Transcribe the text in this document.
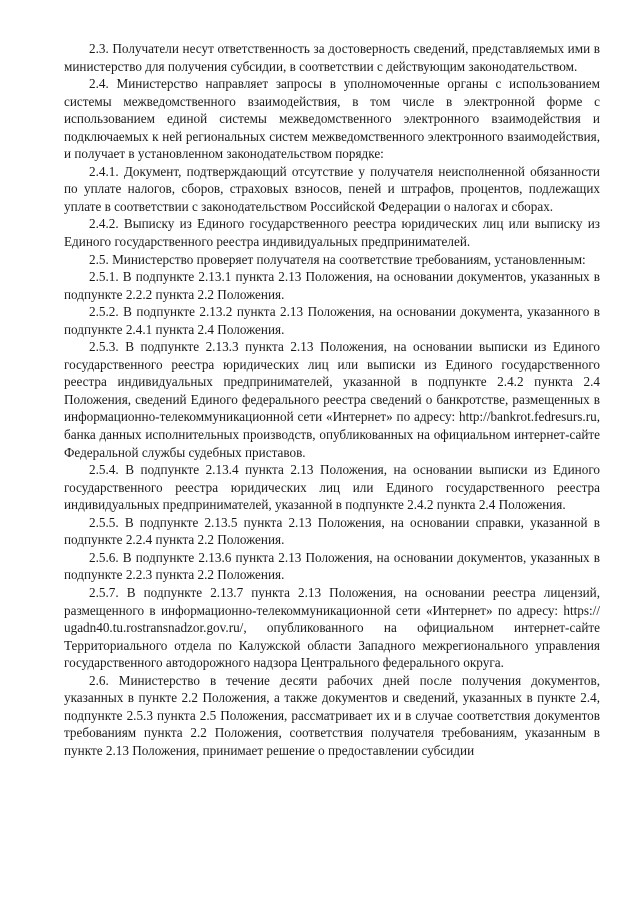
2.3. Получатели несут ответственность за достоверность сведений, представляемых ими в министерство для получения субсидии, в соответствии с действующим законодательством.

2.4. Министерство направляет запросы в уполномоченные органы с использованием системы межведомственного взаимодействия, в том числе в электронной форме с использованием единой системы межведомственного электронного взаимодействия и подключаемых к ней региональных систем межведомственного электронного взаимодействия, и получает в установленном законодательством порядке:

2.4.1. Документ, подтверждающий отсутствие у получателя неисполненной обязанности по уплате налогов, сборов, страховых взносов, пеней и штрафов, процентов, подлежащих уплате в соответствии с законодательством Российской Федерации о налогах и сборах.

2.4.2. Выписку из Единого государственного реестра юридических лиц или выписку из Единого государственного реестра индивидуальных предпринимателей.

2.5. Министерство проверяет получателя на соответствие требованиям, установленным:

2.5.1. В подпункте 2.13.1 пункта 2.13 Положения, на основании документов, указанных в подпункте 2.2.2 пункта 2.2 Положения.

2.5.2. В подпункте 2.13.2 пункта 2.13 Положения, на основании документа, указанного в подпункте 2.4.1 пункта 2.4 Положения.

2.5.3. В подпункте 2.13.3 пункта 2.13 Положения, на основании выписки из Единого государственного реестра юридических лиц или выписки из Единого государственного реестра индивидуальных предпринимателей, указанной в подпункте 2.4.2 пункта 2.4 Положения, сведений Единого федерального реестра сведений о банкротстве, размещенных в информационно-телекоммуникационной сети «Интернет» по адресу: http://bankrot.fedresurs.ru, банка данных исполнительных производств, опубликованных на официальном интернет-сайте Федеральной службы судебных приставов.

2.5.4. В подпункте 2.13.4 пункта 2.13 Положения, на основании выписки из Единого государственного реестра юридических лиц или Единого государственного реестра индивидуальных предпринимателей, указанной в подпункте 2.4.2 пункта 2.4 Положения.

2.5.5. В подпункте 2.13.5 пункта 2.13 Положения, на основании справки, указанной в подпункте 2.2.4 пункта 2.2 Положения.

2.5.6. В подпункте 2.13.6 пункта 2.13 Положения, на основании документов, указанных в подпункте 2.2.3 пункта 2.2 Положения.

2.5.7. В подпункте 2.13.7 пункта 2.13 Положения, на основании реестра лицензий, размещенного в информационно-телекоммуникационной сети «Интернет» по адресу: https:// ugadn40.tu.rostransnadzor.gov.ru/, опубликованного на официальном интернет-сайте Территориального отдела по Калужской области Западного межрегионального управления государственного автодорожного надзора Центрального федерального округа.

2.6. Министерство в течение десяти рабочих дней после получения документов, указанных в пункте 2.2 Положения, а также документов и сведений, указанных в пункте 2.4, подпункте 2.5.3 пункта 2.5 Положения, рассматривает их и в случае соответствия документов требованиям пункта 2.2 Положения, соответствия получателя требованиям, указанным в пункте 2.13 Положения, принимает решение о предоставлении субсидии
